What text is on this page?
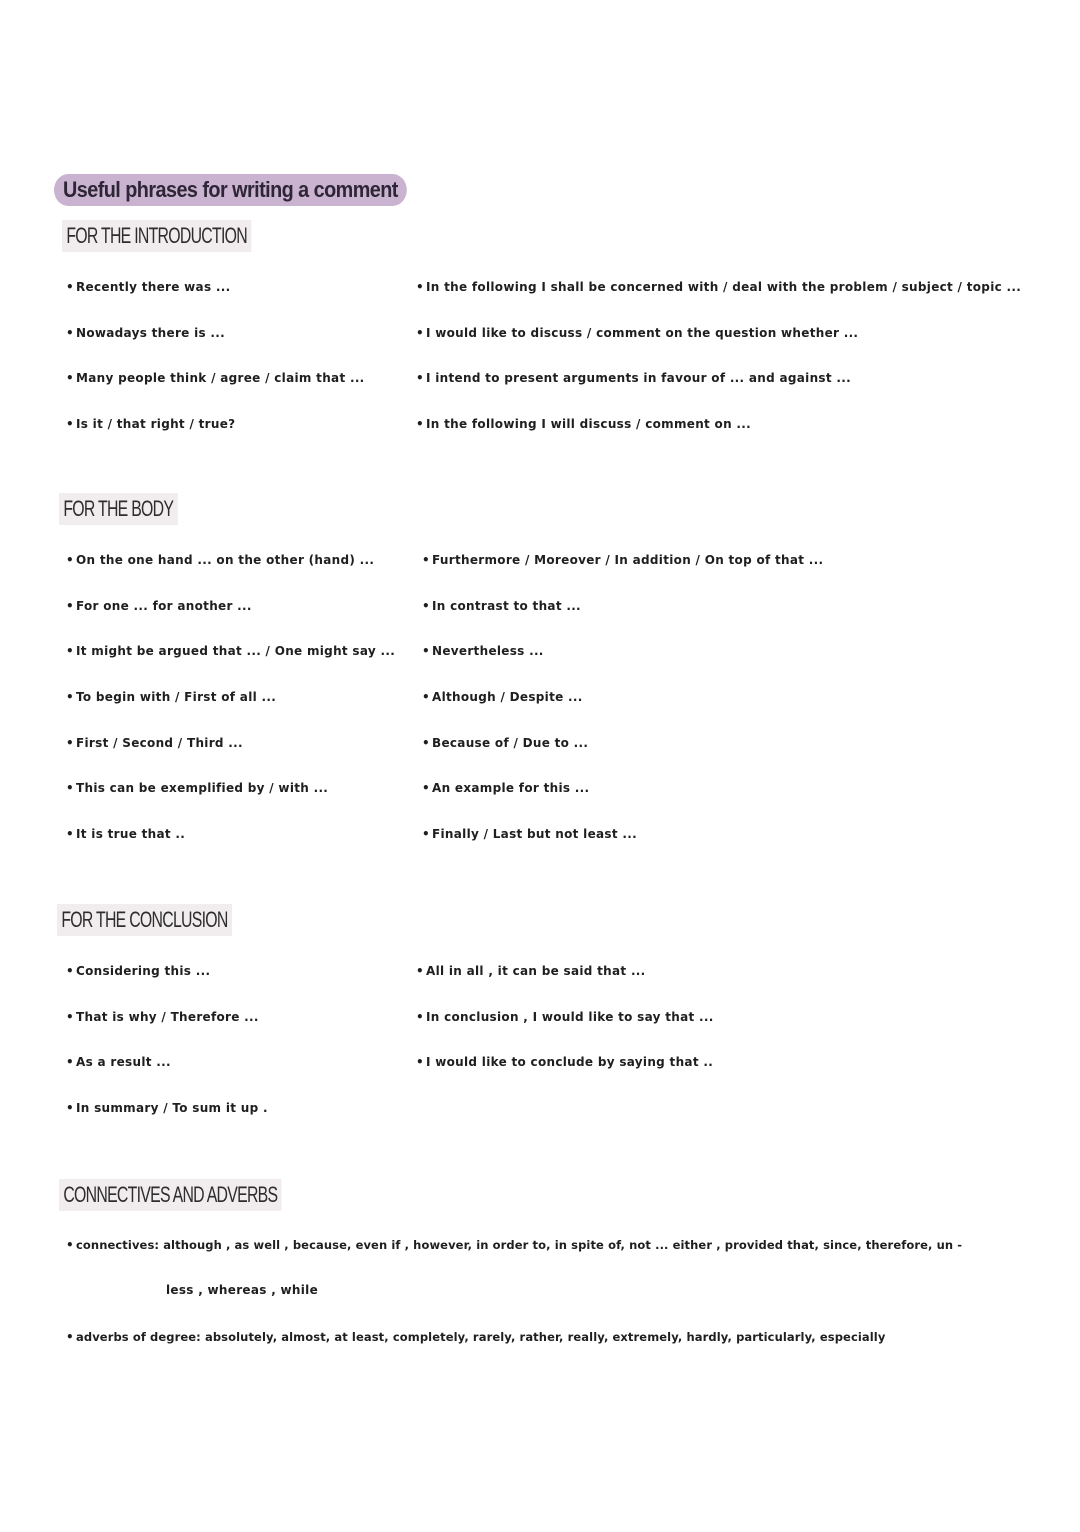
Useful phrases for writing a comment
FOR THE INTRODUCTION
• Recently there was ...
• Nowadays there is ...
• Many people think / agree / claim that ...
• Is it / that right / true?
• In the following I shall be concerned with / deal with the problem / subject / topic ...
• I would like to discuss / comment on the question whether ...
• I intend to present arguments in favour of ... and against ...
• In the following I will discuss / comment on ...
FOR THE BODY
• On the one hand ... on the other (hand) ...
• For one ... for another ...
• It might be argued that ... / One might say ...
• To begin with / First of all ...
• First / Second / Third ...
• This can be exemplified by / with ...
• It is true that ..
• Furthermore / Moreover / In addition / On top of that ...
• In contrast to that ...
• Nevertheless ...
• Although / Despite ...
• Because of / Due to ...
• An example for this ...
• Finally / Last but not least ...
FOR THE CONCLUSION
• Considering this ...
• That is why / Therefore ...
• As a result ...
• In summary / To sum it up .
• All in all , it can be said that ...
• In conclusion , I would like to say that ...
• I would like to conclude by saying that ..
CONNECTIVES AND ADVERBS

• connectives: although , as well , because, even if , however, in order to, in spite of, not ... either , provided that, since, therefore, un -

less , whereas , while

• adverbs of degree: absolutely, almost, at least, completely, rarely, rather, really, extremely, hardly, particularly, especially
